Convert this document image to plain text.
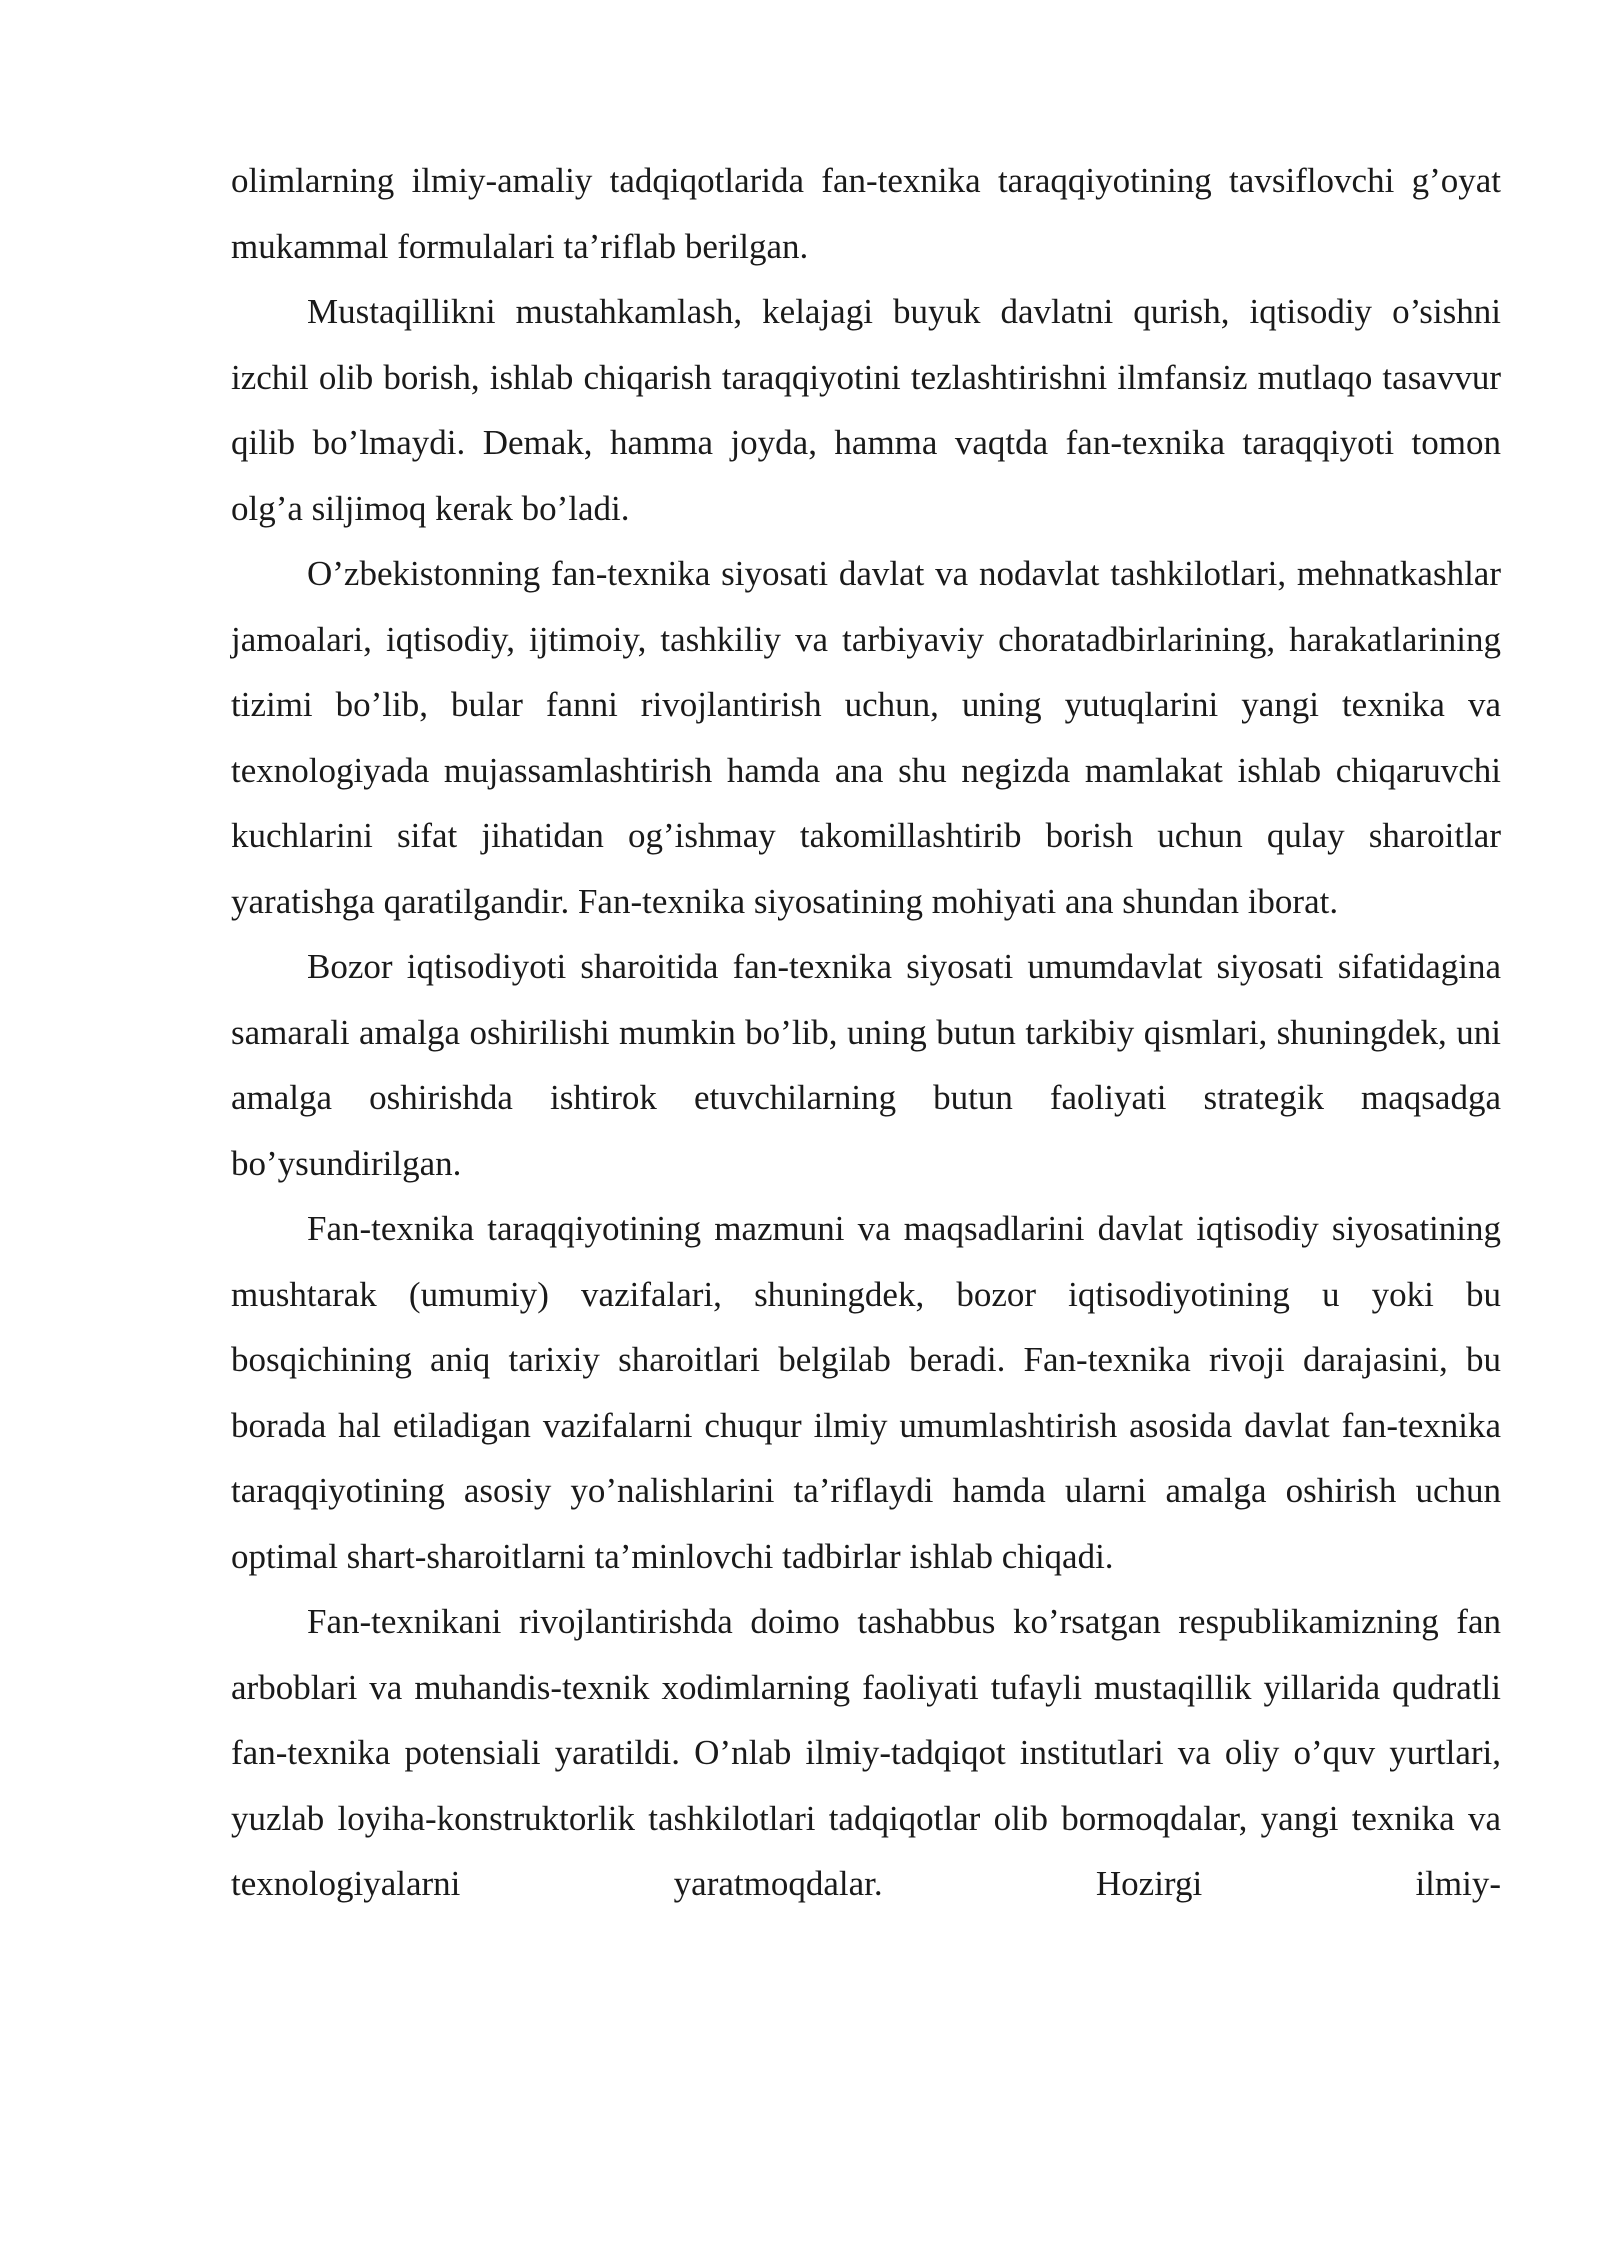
olimlarning ilmiy-amaliy tadqiqotlarida fan-texnika taraqqiyotining tavsiflovchi g’oyat mukammal formulalari ta’riflab berilgan.

Mustaqillikni mustahkamlash, kelajagi buyuk davlatni qurish, iqtisodiy o’sishni izchil olib borish, ishlab chiqarish taraqqiyotini tezlashtirishni ilmfansiz mutlaqo tasavvur qilib bo’lmaydi. Demak, hamma joyda, hamma vaqtda fan-texnika taraqqiyoti tomon olg’a siljimoq kerak bo’ladi.

O’zbekistonning fan-texnika siyosati davlat va nodavlat tashkilotlari, mehnatkashlar jamoalari, iqtisodiy, ijtimoiy, tashkiliy va tarbiyaviy choratadbirlarining, harakatlarining tizimi bo’lib, bular fanni rivojlantirish uchun, uning yutuqlarini yangi texnika va texnologiyada mujassamlashtirish hamda ana shu negizda mamlakat ishlab chiqaruvchi kuchlarini sifat jihatidan og’ishmay takomillashtirib borish uchun qulay sharoitlar yaratishga qaratilgandir. Fan-texnika siyosatining mohiyati ana shundan iborat.

Bozor iqtisodiyoti sharoitida fan-texnika siyosati umumdavlat siyosati sifatidagina samarali amalga oshirilishi mumkin bo’lib, uning butun tarkibiy qismlari, shuningdek, uni amalga oshirishda ishtirok etuvchilarning butun faoliyati strategik maqsadga bo’ysundirilgan.

Fan-texnika taraqqiyotining mazmuni va maqsadlarini davlat iqtisodiy siyosatining mushtarak (umumiy) vazifalari, shuningdek, bozor iqtisodiyotining u yoki bu bosqichining aniq tarixiy sharoitlari belgilab beradi. Fan-texnika rivoji darajasini, bu borada hal etiladigan vazifalarni chuqur ilmiy umumlashtirish asosida davlat fan-texnika taraqqiyotining asosiy yo’nalishlarini ta’riflaydi hamda ularni amalga oshirish uchun optimal shart-sharoitlarni ta’minlovchi tadbirlar ishlab chiqadi.

Fan-texnikani rivojlantirishda doimo tashabbus ko’rsatgan respublikamizning fan arboblari va muhandis-texnik xodimlarning faoliyati tufayli mustaqillik yillarida qudratli fan-texnika potensiali yaratildi. O’nlab ilmiy-tadqiqot institutlari va oliy o’quv yurtlari, yuzlab loyiha-konstruktorlik tashkilotlari tadqiqotlar olib bormoqdalar, yangi texnika va texnologiyalarni yaratmoqdalar. Hozirgi ilmiy-
